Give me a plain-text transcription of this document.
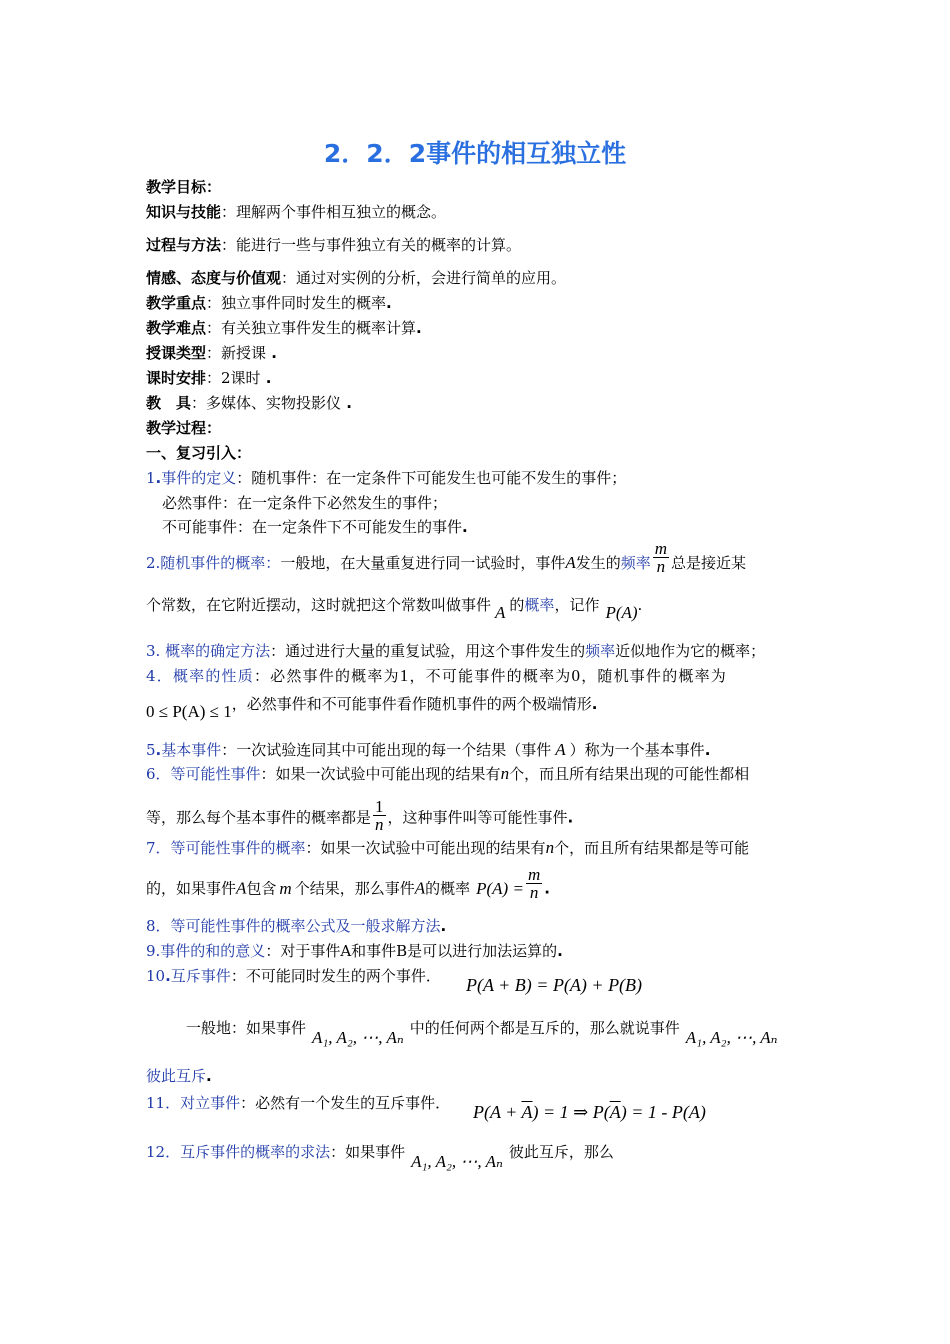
2．2．2事件的相互独立性
教学目标：
知识与技能：理解两个事件相互独立的概念。
过程与方法：能进行一些与事件独立有关的概率的计算。
情感、态度与价值观：通过对实例的分析，会进行简单的应用。
教学重点：独立事件同时发生的概率.
教学难点：有关独立事件发生的概率计算.
授课类型：新授课 .
课时安排：2课时 .
教　具：多媒体、实物投影仪 .
教学过程：
一、复习引入：
1.事件的定义：随机事件：在一定条件下可能发生也可能不发生的事件；
必然事件：在一定条件下必然发生的事件；
不可能事件：在一定条件下不可能发生的事件.
2.随机事件的概率：一般地，在大量重复进行同一试验时，事件A发生的频率 $\frac{m}{n}$ 总是接近某
个常数，在它附近摆动，这时就把这个常数叫做事件 A 的概率，记作 P(A).
3. 概率的确定方法：通过进行大量的重复试验，用这个事件发生的频率近似地作为它的概率；
4．概率的性质：必然事件的概率为1，不可能事件的概率为0，随机事件的概率为
0 ≤ P(A) ≤ 1，必然事件和不可能事件看作随机事件的两个极端情形.
5.基本事件：一次试验连同其中可能出现的每一个结果（事件 A ）称为一个基本事件.
6．等可能性事件：如果一次试验中可能出现的结果有n个，而且所有结果出现的可能性都相
等，那么每个基本事件的概率都是 $\frac{1}{n}$ ，这种事件叫等可能性事件.
7．等可能性事件的概率：如果一次试验中可能出现的结果有n个，而且所有结果都是等可能
的，如果事件A包含 m 个结果，那么事件A的概率 $P(A) = \frac{m}{n}$ .
8．等可能性事件的概率公式及一般求解方法.
9.事件的和的意义：对于事件A和事件B是可以进行加法运算的.
10.互斥事件：不可能同时发生的两个事件． P(A + B) = P(A) + P(B)
一般地：如果事件 A₁, A₂, ⋯, Aₙ 中的任何两个都是互斥的，那么就说事件 A₁, A₂, ⋯, Aₙ
彼此互斥.
11．对立事件：必然有一个发生的互斥事件． $P(A + \overline{A}) = 1$ ⇒ $P(\overline{A}) = 1 - P(A)$
12．互斥事件的概率的求法：如果事件 A₁, A₂, ⋯, Aₙ 彼此互斥，那么
